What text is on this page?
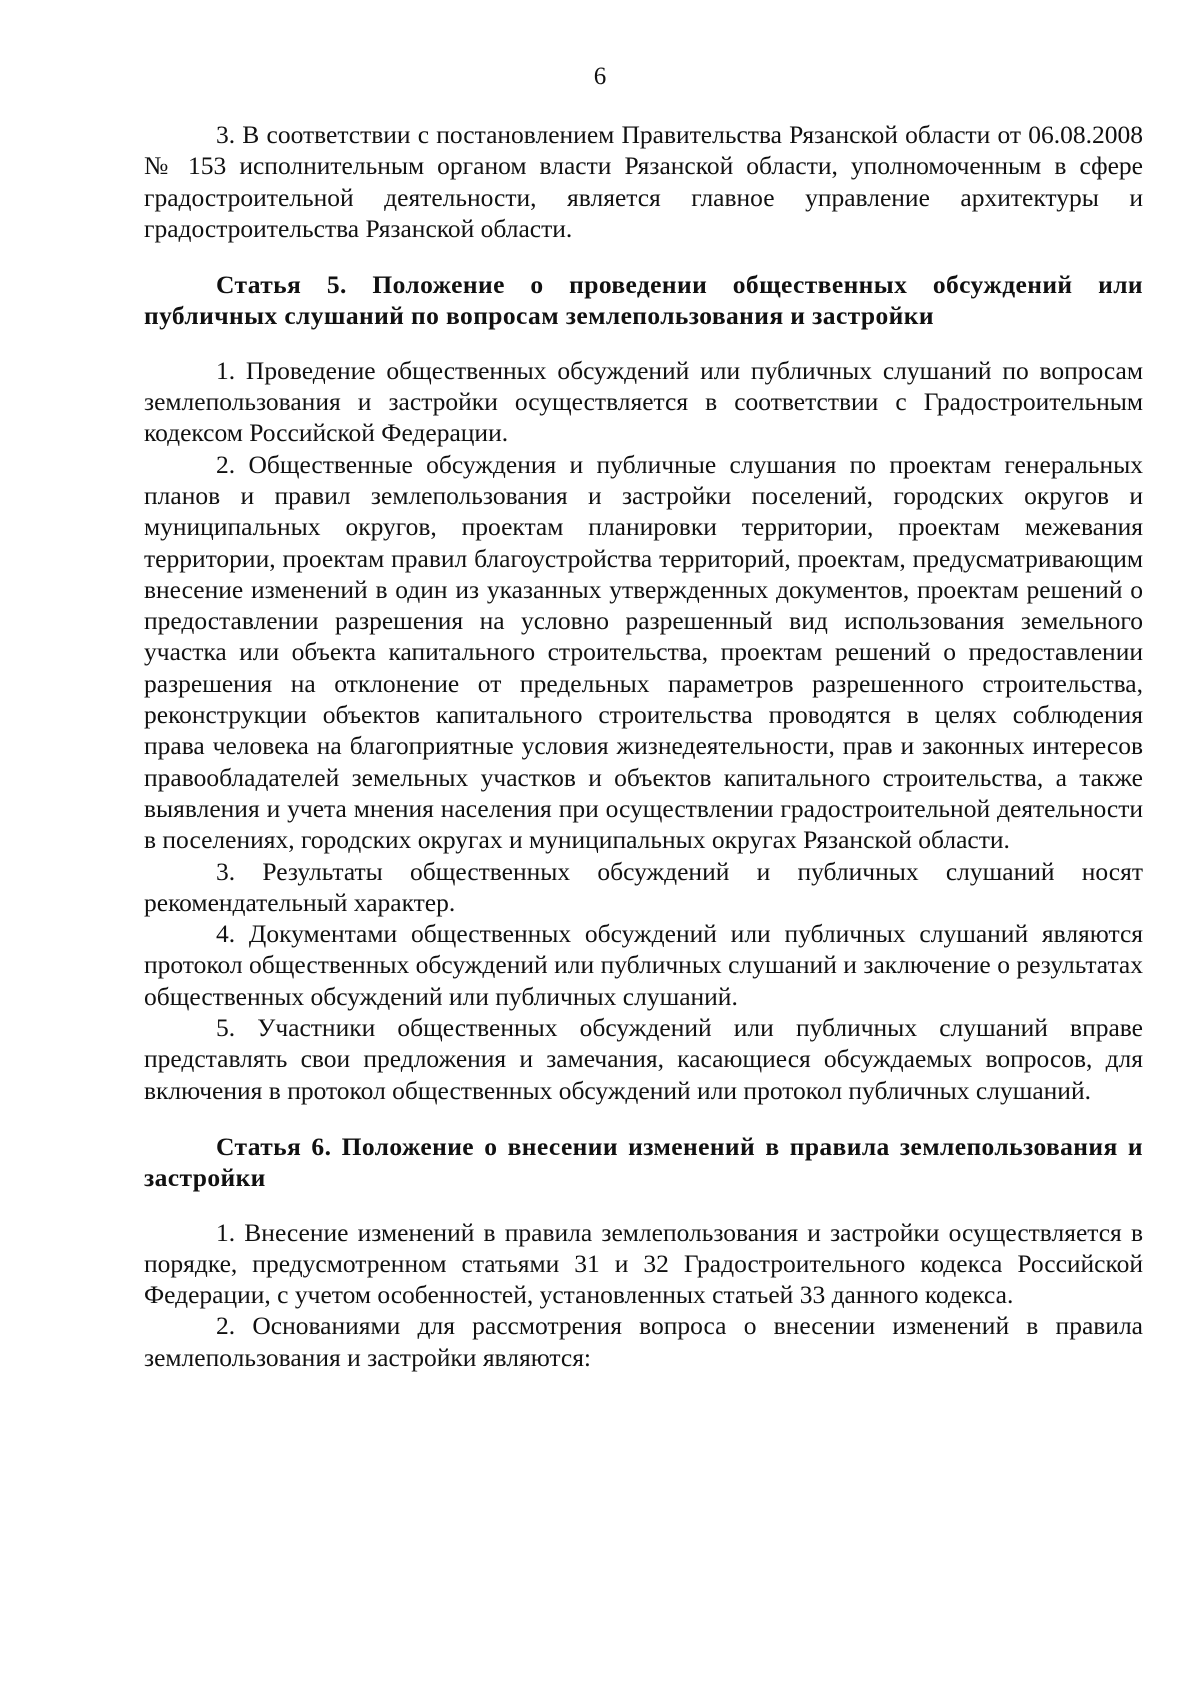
6

3. В соответствии с постановлением Правительства Рязанской области от 06.08.2008 № 153 исполнительным органом власти Рязанской области, уполномоченным в сфере градостроительной деятельности, является главное управление архитектуры и градостроительства Рязанской области.

Статья 5. Положение о проведении общественных обсуждений или публичных слушаний по вопросам землепользования и застройки

1. Проведение общественных обсуждений или публичных слушаний по вопросам землепользования и застройки осуществляется в соответствии с Градостроительным кодексом Российской Федерации.

2. Общественные обсуждения и публичные слушания по проектам генеральных планов и правил землепользования и застройки поселений, городских округов и муниципальных округов, проектам планировки территории, проектам межевания территории, проектам правил благоустройства территорий, проектам, предусматривающим внесение изменений в один из указанных утвержденных документов, проектам решений о предоставлении разрешения на условно разрешенный вид использования земельного участка или объекта капитального строительства, проектам решений о предоставлении разрешения на отклонение от предельных параметров разрешенного строительства, реконструкции объектов капитального строительства проводятся в целях соблюдения права человека на благоприятные условия жизнедеятельности, прав и законных интересов правообладателей земельных участков и объектов капитального строительства, а также выявления и учета мнения населения при осуществлении градостроительной деятельности в поселениях, городских округах и муниципальных округах Рязанской области.

3. Результаты общественных обсуждений и публичных слушаний носят рекомендательный характер.

4. Документами общественных обсуждений или публичных слушаний являются протокол общественных обсуждений или публичных слушаний и заключение о результатах общественных обсуждений или публичных слушаний.

5. Участники общественных обсуждений или публичных слушаний вправе представлять свои предложения и замечания, касающиеся обсуждаемых вопросов, для включения в протокол общественных обсуждений или протокол публичных слушаний.

Статья 6. Положение о внесении изменений в правила землепользования и застройки

1. Внесение изменений в правила землепользования и застройки осуществляется в порядке, предусмотренном статьями 31 и 32 Градостроительного кодекса Российской Федерации, с учетом особенностей, установленных статьей 33 данного кодекса.

2. Основаниями для рассмотрения вопроса о внесении изменений в правила землепользования и застройки являются:
